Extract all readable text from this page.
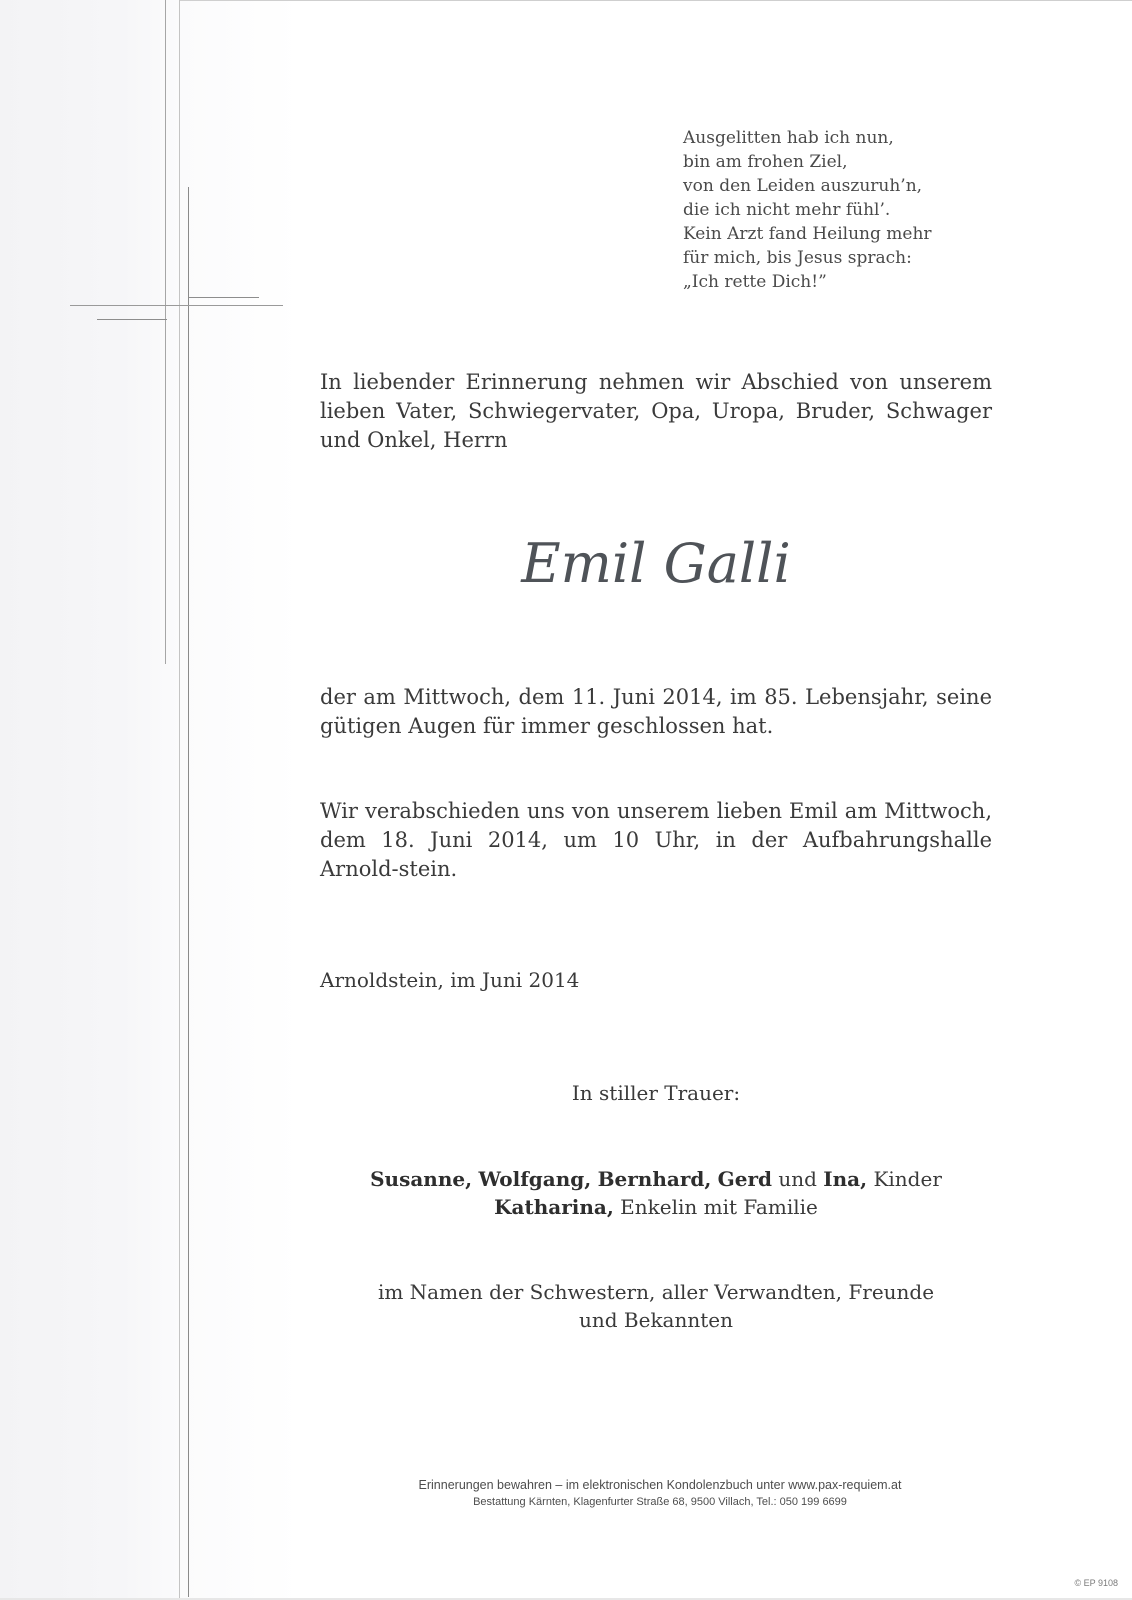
Ausgelitten hab ich nun,
bin am frohen Ziel,
von den Leiden auszuruh’n,
die ich nicht mehr fühl’.
Kein Arzt fand Heilung mehr
für mich, bis Jesus sprach:
„Ich rette Dich!”
In liebender Erinnerung nehmen wir Abschied von unserem lieben Vater, Schwiegervater, Opa, Uropa, Bruder, Schwager und Onkel, Herrn
Emil Galli
der am Mittwoch, dem 11. Juni 2014, im 85. Lebensjahr, seine gütigen Augen für immer geschlossen hat.
Wir verabschieden uns von unserem lieben Emil am Mittwoch, dem 18. Juni 2014, um 10 Uhr, in der Aufbahrungshalle Arnold-stein.
Arnoldstein, im Juni 2014
In stiller Trauer:
Susanne, Wolfgang, Bernhard, Gerd und Ina, Kinder
Katharina, Enkelin mit Familie
im Namen der Schwestern, aller Verwandten, Freunde
und Bekannten
Erinnerungen bewahren – im elektronischen Kondolenzbuch unter www.pax-requiem.at
Bestattung Kärnten, Klagenfurter Straße 68, 9500 Villach, Tel.: 050 199 6699
© EP 9108
